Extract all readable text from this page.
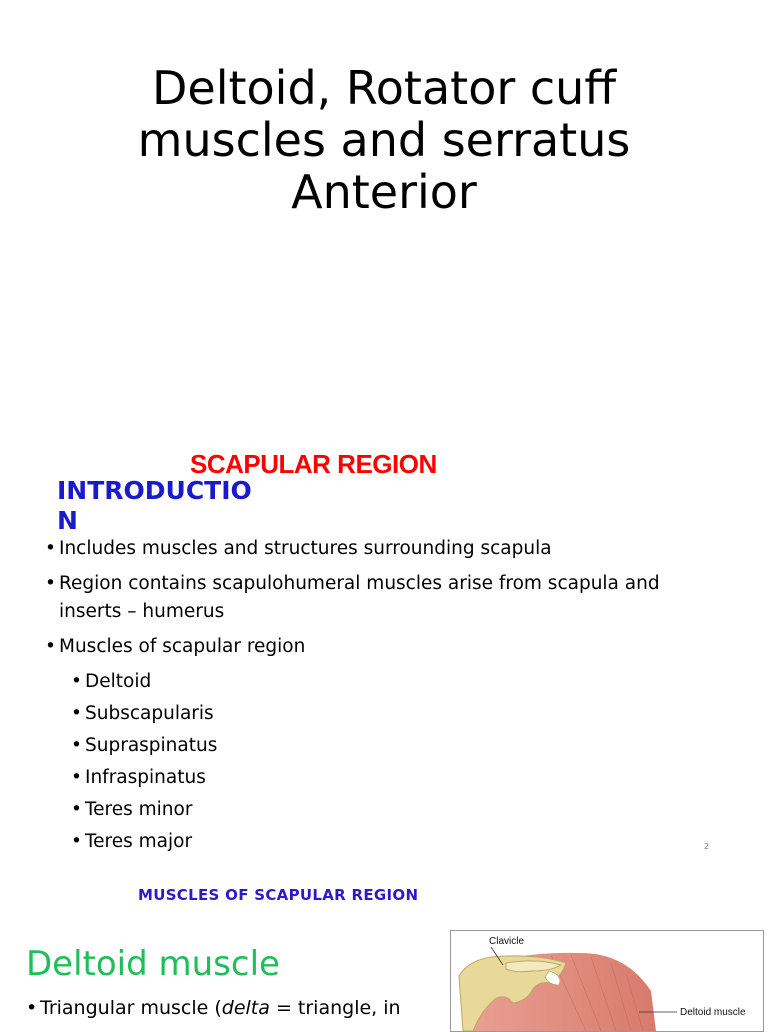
Deltoid, Rotator cuff
muscles and serratus
Anterior
SCAPULAR REGION
INTRODUCTIO
N
• Includes muscles and structures surrounding scapula
• Region contains scapulohumeral muscles arise from scapula and inserts – humerus
• Muscles of scapular region
• Deltoid
• Subscapularis
• Supraspinatus
• Infraspinatus
• Teres minor
• Teres major	2
MUSCLES OF SCAPULAR REGION
Deltoid muscle
• Triangular muscle (delta = triangle, in
Clavicle
Deltoid muscle
